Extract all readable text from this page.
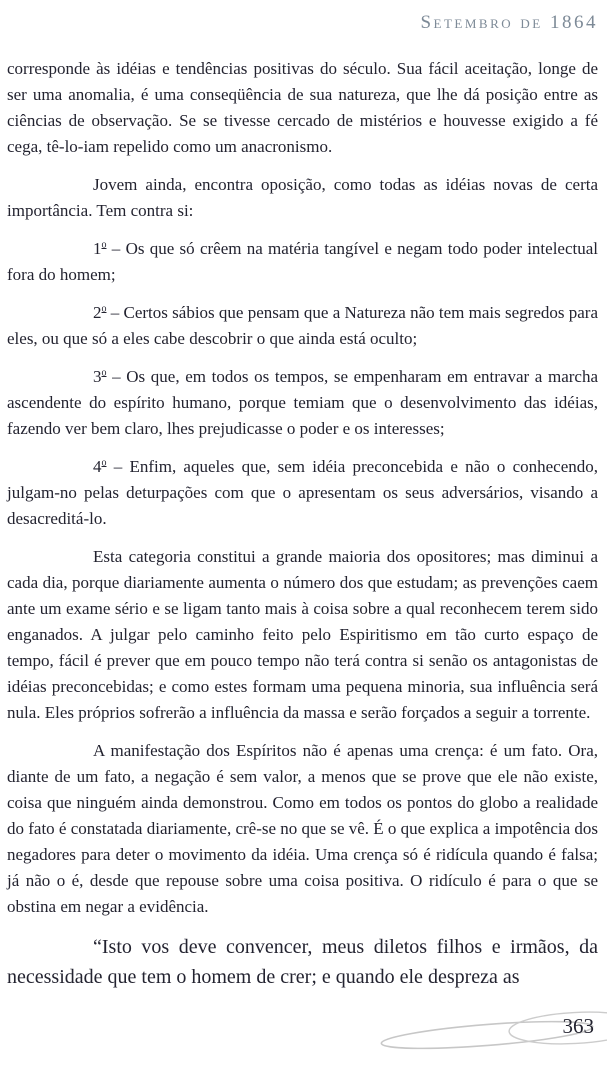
Setembro de 1864

corresponde às idéias e tendências positivas do século. Sua fácil aceitação, longe de ser uma anomalia, é uma conseqüência de sua natureza, que lhe dá posição entre as ciências de observação. Se se tivesse cercado de mistérios e houvesse exigido a fé cega, tê-lo-iam repelido como um anacronismo.

Jovem ainda, encontra oposição, como todas as idéias novas de certa importância. Tem contra si:

1$^o$ – Os que só crêem na matéria tangível e negam todo poder intelectual fora do homem;

2$^o$ – Certos sábios que pensam que a Natureza não tem mais segredos para eles, ou que só a eles cabe descobrir o que ainda está oculto;

3$^o$ – Os que, em todos os tempos, se empenharam em entravar a marcha ascendente do espírito humano, porque temiam que o desenvolvimento das idéias, fazendo ver bem claro, lhes prejudicasse o poder e os interesses;

4$^o$ – Enfim, aqueles que, sem idéia preconcebida e não o conhecendo, julgam-no pelas deturpações com que o apresentam os seus adversários, visando a desacreditá-lo.

Esta categoria constitui a grande maioria dos opositores; mas diminui a cada dia, porque diariamente aumenta o número dos que estudam; as prevenções caem ante um exame sério e se ligam tanto mais à coisa sobre a qual reconhecem terem sido enganados. A julgar pelo caminho feito pelo Espiritismo em tão curto espaço de tempo, fácil é prever que em pouco tempo não terá contra si senão os antagonistas de idéias preconcebidas; e como estes formam uma pequena minoria, sua influência será nula. Eles próprios sofrerão a influência da massa e serão forçados a seguir a torrente.

A manifestação dos Espíritos não é apenas uma crença: é um fato. Ora, diante de um fato, a negação é sem valor, a menos que se prove que ele não existe, coisa que ninguém ainda demonstrou. Como em todos os pontos do globo a realidade do fato é constatada diariamente, crê-se no que se vê. É o que explica a impotência dos negadores para deter o movimento da idéia. Uma crença só é ridícula quando é falsa; já não o é, desde que repouse sobre uma coisa positiva. O ridículo é para o que se obstina em negar a evidência.

“Isto vos deve convencer, meus diletos filhos e irmãos, da necessidade que tem o homem de crer; e quando ele despreza as

363
